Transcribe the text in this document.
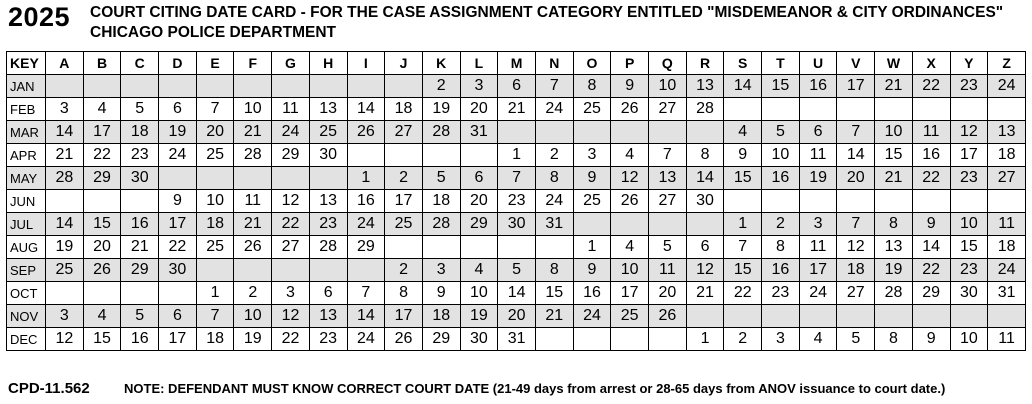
2025 COURT CITING DATE CARD - FOR THE CASE ASSIGNMENT CATEGORY ENTITLED "MISDEMEANOR & CITY ORDINANCES"
CHICAGO POLICE DEPARTMENT
KEY	A	B	C	D	E	F	G	H	I	J	K	L	M	N	O	P	Q	R	S	T	U	V	W	X	Y	Z
JAN											2	3	6	7	8	9	10	13	14	15	16	17	21	22	23	24
FEB	3	4	5	6	7	10	11	13	14	18	19	20	21	24	25	26	27	28								
MAR	14	17	18	19	20	21	24	25	26	27	28	31							4	5	6	7	10	11	12	13
APR	21	22	23	24	25	28	29	30					1	2	3	4	7	8	9	10	11	14	15	16	17	18
MAY	28	29	30						1	2	5	6	7	8	9	12	13	14	15	16	19	20	21	22	23	27
JUN				9	10	11	12	13	16	17	18	20	23	24	25	26	27	30								
JUL	14	15	16	17	18	21	22	23	24	25	28	29	30	31					1	2	3	7	8	9	10	11
AUG	19	20	21	22	25	26	27	28	29						1	4	5	6	7	8	11	12	13	14	15	18
SEP	25	26	29	30						2	3	4	5	8	9	10	11	12	15	16	17	18	19	22	23	24
OCT					1	2	3	6	7	8	9	10	14	15	16	17	20	21	22	23	24	27	28	29	30	31
NOV	3	4	5	6	7	10	12	13	14	17	18	19	20	21	24	25	26									
DEC	12	15	16	17	18	19	22	23	24	26	29	30	31					1	2	3	4	5	8	9	10	11
CPD-11.562	NOTE: DEFENDANT MUST KNOW CORRECT COURT DATE (21-49 days from arrest or 28-65 days from ANOV issuance to court date.)
